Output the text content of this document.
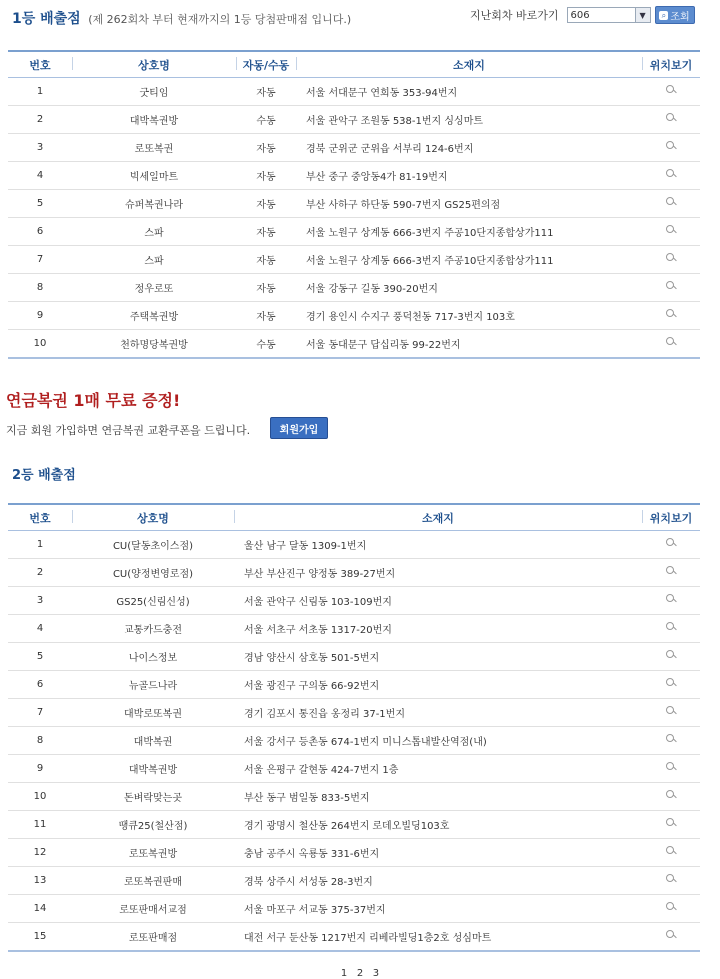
1등 배출점 (제 262회차 부터 현재까지의 1등 당첨판매점 입니다.)	지난회차 바로가기 606	▼	⌕ 조회
번호	상호명	자동/수동	소재지	위치보기
1	굿티임	자동	서울 서대문구 연희동 353-94번지	
2	대박복권방	수동	서울 관악구 조원동 538-1번지 싱싱마트	
3	로또복권	자동	경북 군위군 군위읍 서부리 124-6번지	
4	빅세일마트	자동	부산 중구 중앙동4가 81-19번지	
5	슈퍼복권나라	자동	부산 사하구 하단동 590-7번지 GS25편의점	
6	스파	자동	서울 노원구 상계동 666-3번지 주공10단지종합상가111	
7	스파	자동	서울 노원구 상계동 666-3번지 주공10단지종합상가111	
8	정우로또	자동	서울 강동구 길동 390-20번지	
9	주택복권방	자동	경기 용인시 수지구 풍덕천동 717-3번지 103호	
10	천하명당복권방	수동	서울 동대문구 답십리동 99-22번지	
연금복권 1매 무료 증정!
지금 회원 가입하면 연금복권 교환쿠폰을 드립니다.	회원가입
2등 배출점
번호	상호명	소재지	위치보기
1	CU(달동초이스점)	울산 남구 달동 1309-1번지	
2	CU(양정변영로점)	부산 부산진구 양정동 389-27번지	
3	GS25(신림신성)	서울 관악구 신림동 103-109번지	
4	교통카드충전	서울 서초구 서초동 1317-20번지	
5	나이스정보	경남 양산시 삼호동 501-5번지	
6	뉴골드나라	서울 광진구 구의동 66-92번지	
7	대박로또복권	경기 김포시 통진읍 옹정리 37-1번지	
8	대박복권	서울 강서구 등촌동 674-1번지 미니스톱내발산역점(내)	
9	대박복권방	서울 은평구 갈현동 424-7번지 1층	
10	돈벼락맞는곳	부산 동구 범일동 833-5번지	
11	땡큐25(철산점)	경기 광명시 철산동 264번지 로데오빌딩103호	
12	로또복권방	충남 공주시 옥룡동 331-6번지	
13	로또복권판매	경북 상주시 서성동 28-3번지	
14	로또판매서교점	서울 마포구 서교동 375-37번지	
15	로또판매점	대전 서구 둔산동 1217번지 리베라빌딩1층2호 성심마트	
1 2 3
